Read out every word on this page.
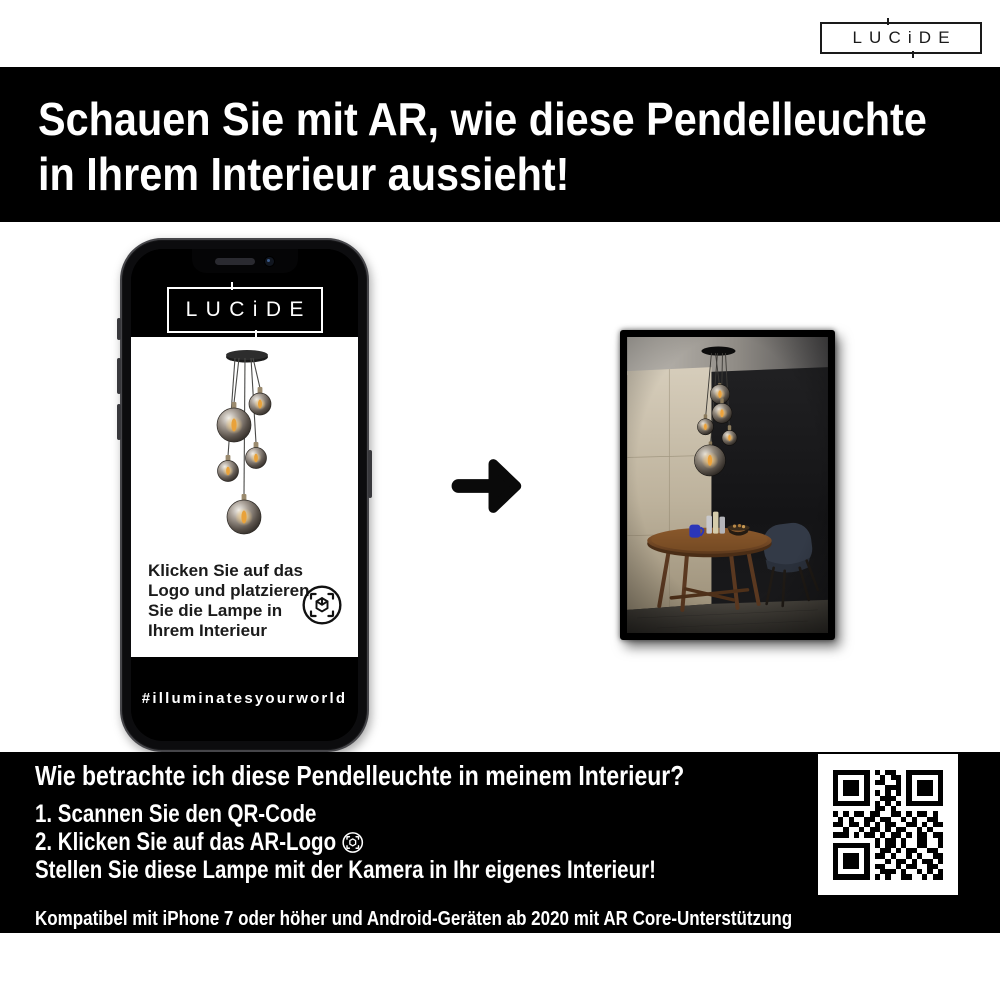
LUCiDE
Schauen Sie mit AR, wie diese Pendelleuchte
in Ihrem Interieur aussieht!
LUCiDE
Klicken Sie auf das
Logo und platzieren
Sie die Lampe in
Ihrem Interieur
#illuminatesyourworld
Wie betrachte ich diese Pendelleuchte in meinem Interieur?
1. Scannen Sie den QR-Code
2. Klicken Sie auf das AR-Logo
Stellen Sie diese Lampe mit der Kamera in Ihr eigenes Interieur!
Kompatibel mit iPhone 7 oder höher und Android-Geräten ab 2020 mit AR Core-Unterstützung
